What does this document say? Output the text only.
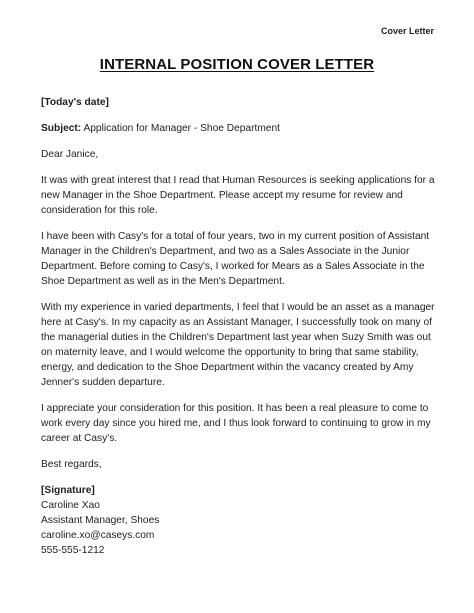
Cover Letter
INTERNAL POSITION COVER LETTER

[Today's date]

Subject: Application for Manager - Shoe Department

Dear Janice,

It was with great interest that I read that Human Resources is seeking applications for a new Manager in the Shoe Department. Please accept my resume for review and consideration for this role.

I have been with Casy's for a total of four years, two in my current position of Assistant Manager in the Children's Department, and two as a Sales Associate in the Junior Department. Before coming to Casy's, I worked for Mears as a Sales Associate in the Shoe Department as well as in the Men's Department.

With my experience in varied departments, I feel that I would be an asset as a manager here at Casy's. In my capacity as an Assistant Manager, I successfully took on many of the managerial duties in the Children's Department last year when Suzy Smith was out on maternity leave, and I would welcome the opportunity to bring that same stability, energy, and dedication to the Shoe Department within the vacancy created by Amy Jenner's sudden departure.

I appreciate your consideration for this position. It has been a real pleasure to come to work every day since you hired me, and I thus look forward to continuing to grow in my career at Casy's.

Best regards,

[Signature]

Caroline Xao

Assistant Manager, Shoes

caroline.xo@caseys.com

555-555-1212
